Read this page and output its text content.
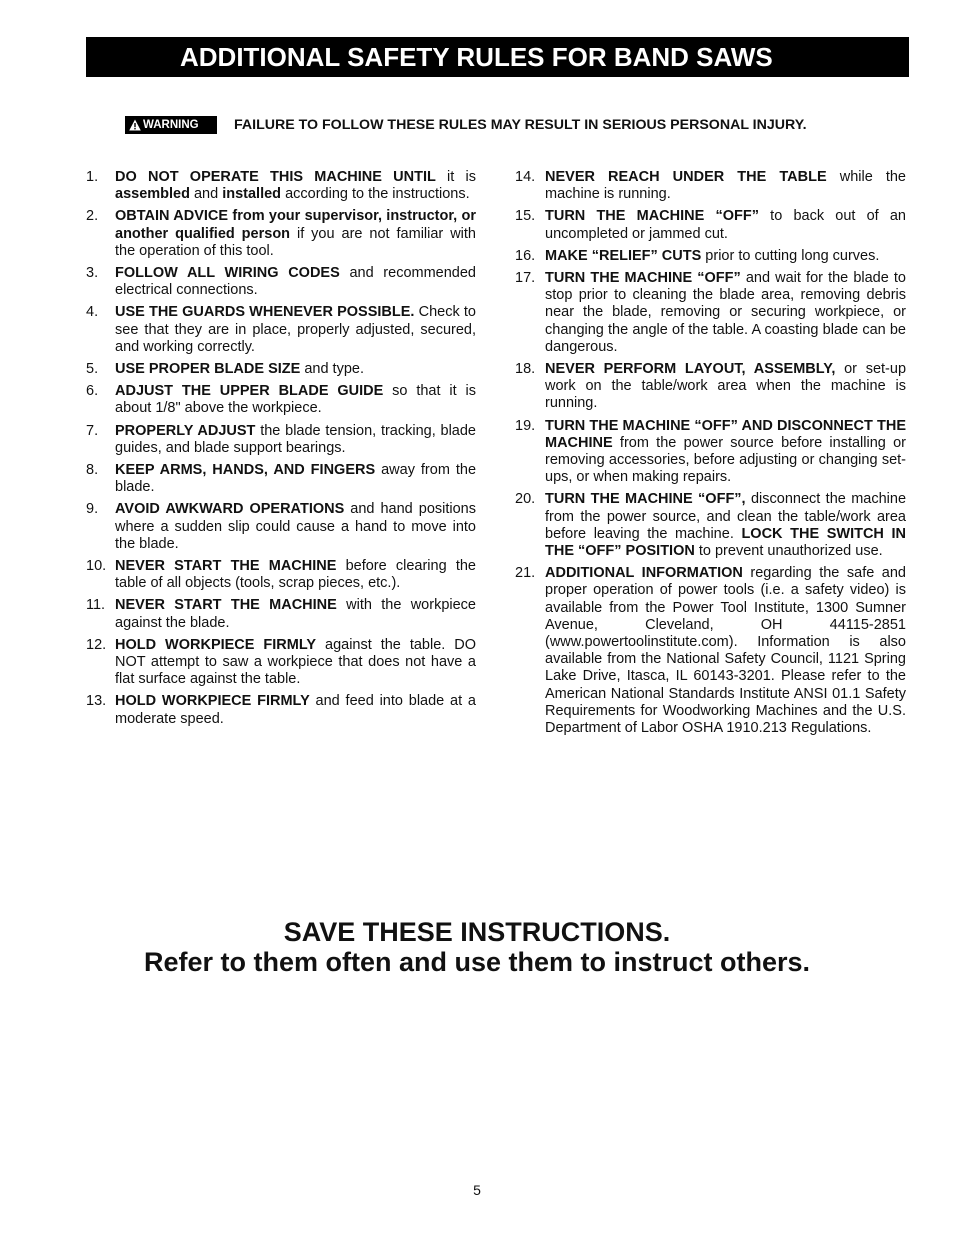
ADDITIONAL SAFETY RULES FOR BAND SAWS
WARNING FAILURE TO FOLLOW THESE RULES MAY RESULT IN SERIOUS PERSONAL INJURY.
1.	DO NOT OPERATE THIS MACHINE UNTIL it is assembled and installed according to the instructions.
2.	OBTAIN ADVICE from your supervisor, instructor, or another qualified person if you are not familiar with the operation of this tool.
3.	FOLLOW ALL WIRING CODES and recommended electrical connections.
4.	USE THE GUARDS WHENEVER POSSIBLE. Check to see that they are in place, properly adjusted, secured, and working correctly.
5.	USE PROPER BLADE SIZE and type.
6.	ADJUST THE UPPER BLADE GUIDE so that it is about 1/8" above the workpiece.
7.	PROPERLY ADJUST the blade tension, tracking, blade guides, and blade support bearings.
8.	KEEP ARMS, HANDS, AND FINGERS away from the blade.
9.	AVOID AWKWARD OPERATIONS and hand positions where a sudden slip could cause a hand to move into the blade.
10. NEVER START THE MACHINE before clearing the table of all objects (tools, scrap pieces, etc.).
11. NEVER START THE MACHINE with the workpiece against the blade.
12. HOLD WORKPIECE FIRMLY against the table. DO NOT attempt to saw a workpiece that does not have a flat surface against the table.
13. HOLD WORKPIECE FIRMLY and feed into blade at a moderate speed.
14. NEVER REACH UNDER THE TABLE while the machine is running.
15. TURN THE MACHINE “OFF” to back out of an uncompleted or jammed cut.
16. MAKE “RELIEF” CUTS prior to cutting long curves.
17. TURN THE MACHINE “OFF” and wait for the blade to stop prior to cleaning the blade area, removing debris near the blade, removing or securing workpiece, or changing the angle of the table. A coasting blade can be dangerous.
18. NEVER PERFORM LAYOUT, ASSEMBLY, or set-up work on the table/work area when the machine is running.
19. TURN THE MACHINE “OFF” AND DISCONNECT THE MACHINE from the power source before installing or removing accessories, before adjusting or changing set-ups, or when making repairs.
20. TURN THE MACHINE “OFF”, disconnect the machine from the power source, and clean the table/work area before leaving the machine. LOCK THE SWITCH IN THE “OFF” POSITION to prevent unauthorized use.
21. ADDITIONAL INFORMATION regarding the safe and proper operation of power tools (i.e. a safety video) is available from the Power Tool Institute, 1300 Sumner Avenue, Cleveland, OH 44115-2851 (www.powertoolinstitute.com). Information is also available from the National Safety Council, 1121 Spring Lake Drive, Itasca, IL 60143-3201. Please refer to the American National Standards Institute ANSI 01.1 Safety Requirements for Woodworking Machines and the U.S. Department of Labor OSHA 1910.213 Regulations.
SAVE THESE INSTRUCTIONS.
Refer to them often and use them to instruct others.
5
